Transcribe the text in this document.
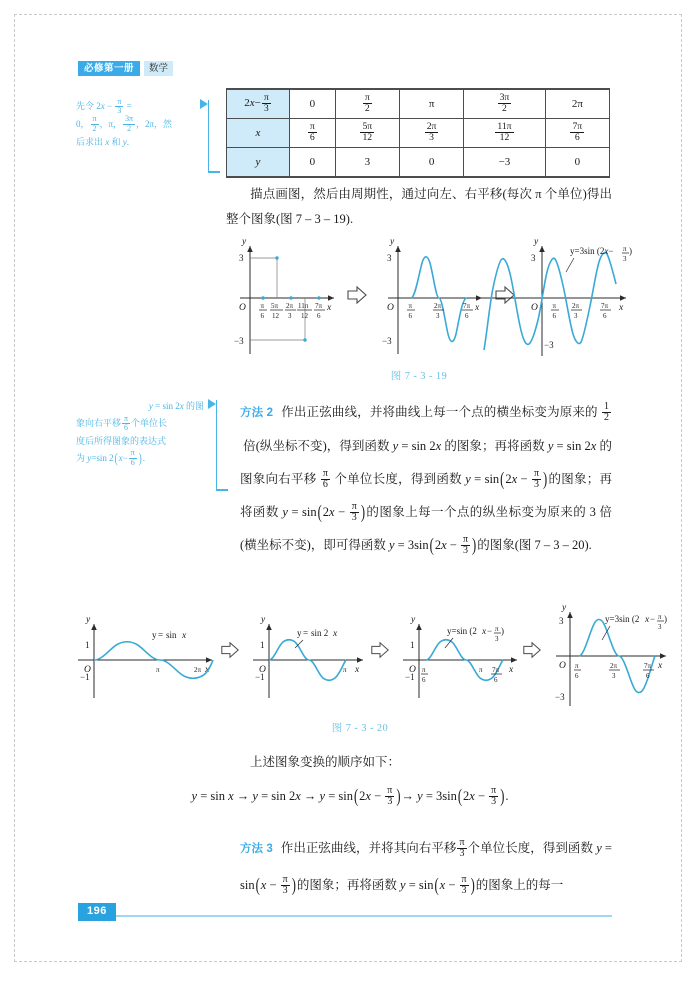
必修第一册	数学
先令 $2x - \frac{\pi}{3}$ =
0， $\frac{\pi}{2}$ ，π， $\frac{3\pi}{2}$ ，2π，然
后求出 x 和 y.
$2x- \frac{\pi}{3}$	0	$\frac{\pi}{2}$	π	$\frac{3\pi}{2}$	2π
x	$\frac{\pi}{6}$	$\frac{5\pi}{12}$	$\frac{2\pi}{3}$	$\frac{11\pi}{12}$	$\frac{7\pi}{6}$

y	0	3	0	−3	0
描点画图，然后由周期性，通过向左、右平移(每次 π 个单位)得出整个图象(图 7 – 3 – 19).
y
x
O
3
−3
π
6
5π
12
2π
3
11π
12
7π
6
y
x
O
3
−3
π
6
2π
3
7π
6
y
x
O
3
−3
y=3sin (2x− π
3
)
π
6
2π
3
7π
6
图 7 - 3 - 19
y = sin 2x 的图
象向右平移 $\frac{\pi}{6}$ 个单位长
度后所得图象的表达式
为 y=sin $2(x- \frac{\pi}{6}$ ).
方法 2 作出正弦曲线，并将曲线上每一个点的横坐标变为原来的 $\frac{1}{2}$
倍(纵坐标不变)，得到函数 y = sin 2x 的图象；再将函数 y = sin 2x 的图象向右平移 $\frac{\pi}{6}$ 个单位长度，得到函数 $y = \sin(2x - \frac{\pi}{3}$ )的图象；再将函数 $y = \sin(2x - \frac{\pi}{3}$ )的图象上每一个点的纵坐标变为原来的 3 倍(横坐标不变)，即可得函数 $y = 3\sin(2x - \frac{\pi}{3}$ )的图象(图 7 – 3 – 20).
y
x
O
1
−1
y = sin x
π	2π
y
x
O
1
−1
y = sin 2 x
π
y
x
O
1
−1
y=sin (2 x − π
3
)
π
6
π 7π
6
y
x
O
3
−3
y=3sin (2 x − π
3
)
π
6
2π
3
7π
6
图 7 - 3 - 20
上述图象变换的顺序如下：
$y = \sin x \to y = \sin 2x \to y = \sin(2x - \frac{\pi}{3}$ )→ $y = 3\sin(2x - \frac{\pi}{3}$ ).
方法 3 作出正弦曲线，并将其向右平移 $\frac{\pi}{3}$ 个单位长度，得到函数 $y = \sin(x - \frac{\pi}{3}$ )的图象；再将函数 $y = \sin(x - \frac{\pi}{3}$ )的图象上的每一
196
